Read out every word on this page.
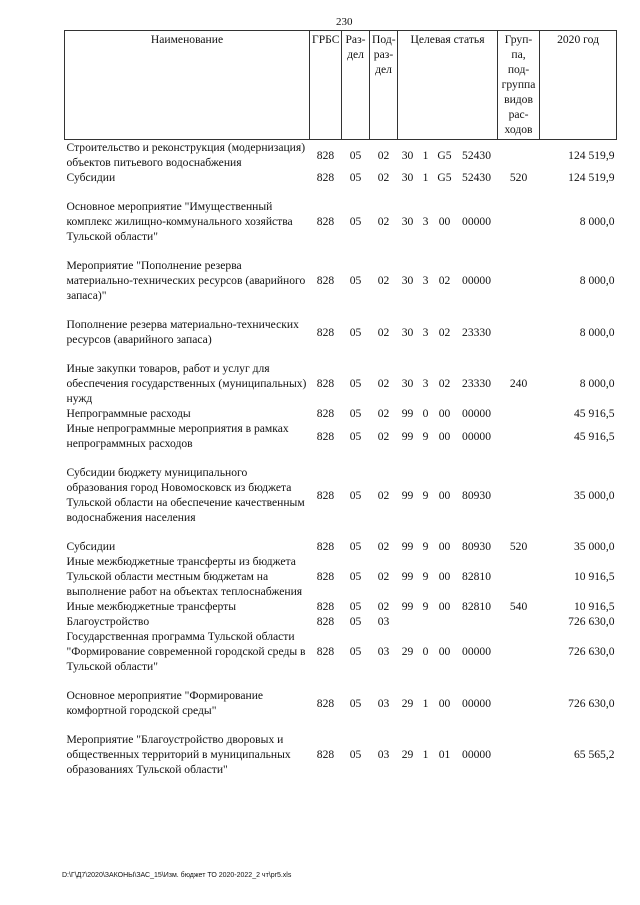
230
Наименование	ГРБС	Раз-дел	Под-раз-дел	Целевая статья				Груп-па, под-группа видов рас-ходов	2020 год
Строительство и реконструкция (модернизация) объектов питьевого водоснабжения	828	05	02	30	1	G5	52430		124 519,9
Субсидии	828	05	02	30	1	G5	52430	520	124 519,9

Основное мероприятие "Имущественный комплекс жилищно-коммунального хозяйства Тульской области"	828	05	02	30	3	00	00000		8 000,0

Мероприятие "Пополнение резерва материально-технических ресурсов (аварийного запаса)"	828	05	02	30	3	02	00000		8 000,0

Пополнение резерва материально-технических ресурсов (аварийного запаса)	828	05	02	30	3	02	23330		8 000,0

Иные закупки товаров, работ и услуг для обеспечения государственных (муниципальных) нужд	828	05	02	30	3	02	23330	240	8 000,0
Непрограммные расходы	828	05	02	99	0	00	00000		45 916,5
Иные непрограммные мероприятия в рамках непрограммных расходов	828	05	02	99	9	00	00000		45 916,5

Субсидии бюджету муниципального образования город Новомосковск из бюджета Тульской области на обеспечение качественным водоснабжения населения	828	05	02	99	9	00	80930		35 000,0

Субсидии	828	05	02	99	9	00	80930	520	35 000,0
Иные межбюджетные трансферты из бюджета Тульской области местным бюджетам на выполнение работ на объектах теплоснабжения	828	05	02	99	9	00	82810		10 916,5
Иные межбюджетные трансферты	828	05	02	99	9	00	82810	540	10 916,5
Благоустройство	828	05	03						726 630,0
Государственная программа Тульской области "Формирование современной городской среды в Тульской области"	828	05	03	29	0	00	00000		726 630,0

Основное мероприятие "Формирование комфортной городской среды"	828	05	03	29	1	00	00000		726 630,0

Мероприятие "Благоустройство дворовых и общественных территорий в муниципальных образованиях Тульской области"	828	05	03	29	1	01	00000		65 565,2
D:\Г\Д7\2020\ЗАКОНЫ\ЗАС_15\Изм. бюджет ТО 2020-2022_2 чт\pr5.xls
